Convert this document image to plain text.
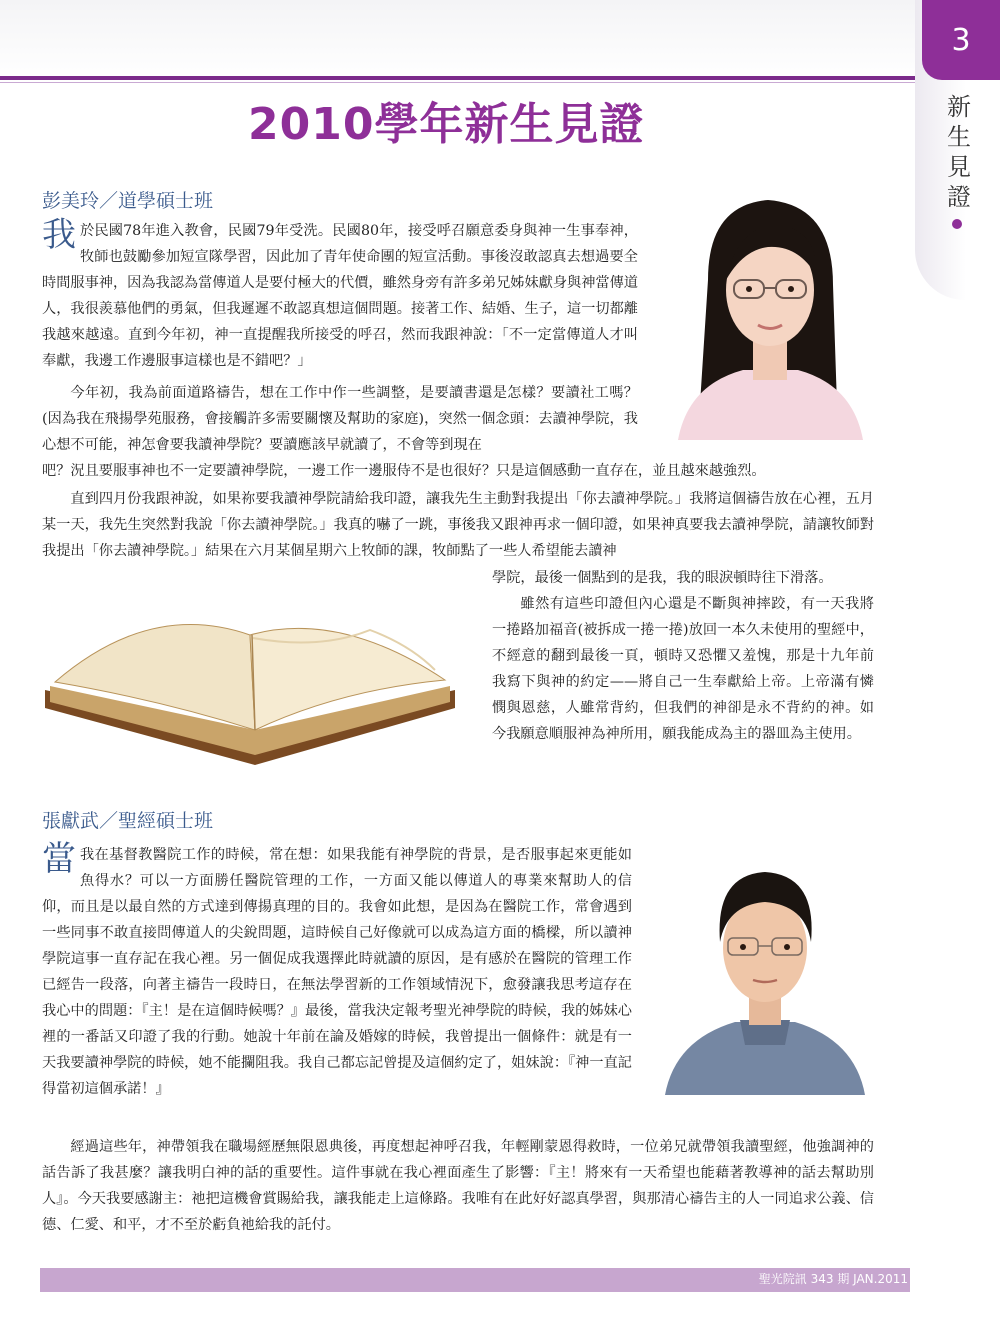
3
新生見證
2010學年新生見證
彭美玲／道學碩士班

我於民國78年進入教會，民國79年受洗。民國80年，接受呼召願意委身與神一生事奉神，牧師也鼓勵參加短宣隊學習，因此加了青年使命團的短宣活動。事後沒敢認真去想過要全時間服事神，因為我認為當傳道人是要付極大的代價，雖然身旁有許多弟兄姊妹獻身與神當傳道人，我很羨慕他們的勇氣，但我遲遲不敢認真想這個問題。接著工作、結婚、生子，這一切都離我越來越遠。直到今年初，神一直提醒我所接受的呼召，然而我跟神說：「不一定當傳道人才叫奉獻，我邊工作邊服事這樣也是不錯吧？」

今年初，我為前面道路禱告，想在工作中作一些調整，是要讀書還是怎樣？要讀社工嗎？(因為我在飛揚學苑服務，會接觸許多需要關懷及幫助的家庭)，突然一個念頭：去讀神學院，我心想不可能，神怎會要我讀神學院？要讀應該早就讀了，不會等到現在

吧？況且要服事神也不一定要讀神學院，一邊工作一邊服侍不是也很好？只是這個感動一直存在，並且越來越強烈。

直到四月份我跟神說，如果祢要我讀神學院請給我印證，讓我先生主動對我提出「你去讀神學院。」我將這個禱告放在心裡，五月某一天，我先生突然對我說「你去讀神學院。」我真的嚇了一跳，事後我又跟神再求一個印證，如果神真要我去讀神學院，請讓牧師對我提出「你去讀神學院。」結果在六月某個星期六上牧師的課，牧師點了一些人希望能去讀神

學院，最後一個點到的是我，我的眼淚頓時往下滑落。

雖然有這些印證但內心還是不斷與神摔跤，有一天我將一捲路加福音(被拆成一捲一捲)放回一本久未使用的聖經中，不經意的翻到最後一頁，頓時又恐懼又羞愧，那是十九年前我寫下與神的約定——將自己一生奉獻給上帝。上帝滿有憐憫與恩慈，人雖常背約，但我們的神卻是永不背約的神。如今我願意順服神為神所用，願我能成為主的器皿為主使用。

張獻武／聖經碩士班

當我在基督教醫院工作的時候，常在想：如果我能有神學院的背景，是否服事起來更能如魚得水？可以一方面勝任醫院管理的工作，一方面又能以傳道人的專業來幫助人的信仰，而且是以最自然的方式達到傳揚真理的目的。我會如此想，是因為在醫院工作，常會遇到一些同事不敢直接問傳道人的尖銳問題，這時候自己好像就可以成為這方面的橋樑，所以讀神學院這事一直存記在我心裡。另一個促成我選擇此時就讀的原因，是有感於在醫院的管理工作已經告一段落，向著主禱告一段時日，在無法學習新的工作領域情況下，愈發讓我思考這存在我心中的問題：『主！是在這個時候嗎？』最後，當我決定報考聖光神學院的時候，我的姊妹心裡的一番話又印證了我的行動。她說十年前在論及婚嫁的時候，我曾提出一個條件：就是有一天我要讀神學院的時候，她不能攔阻我。我自己都忘記曾提及這個約定了，姐妹說：『神一直記得當初這個承諾！』

經過這些年，神帶領我在職場經歷無限恩典後，再度想起神呼召我，年輕剛蒙恩得救時，一位弟兄就帶領我讀聖經，他強調神的話告訴了我甚麼？讓我明白神的話的重要性。這件事就在我心裡面產生了影響：『主！將來有一天希望也能藉著教導神的話去幫助別人』。今天我要感謝主：祂把這機會賞賜給我，讓我能走上這條路。我唯有在此好好認真學習，與那清心禱告主的人一同追求公義、信德、仁愛、和平，才不至於虧負祂給我的託付。

聖光院訊 343 期 JAN.2011
